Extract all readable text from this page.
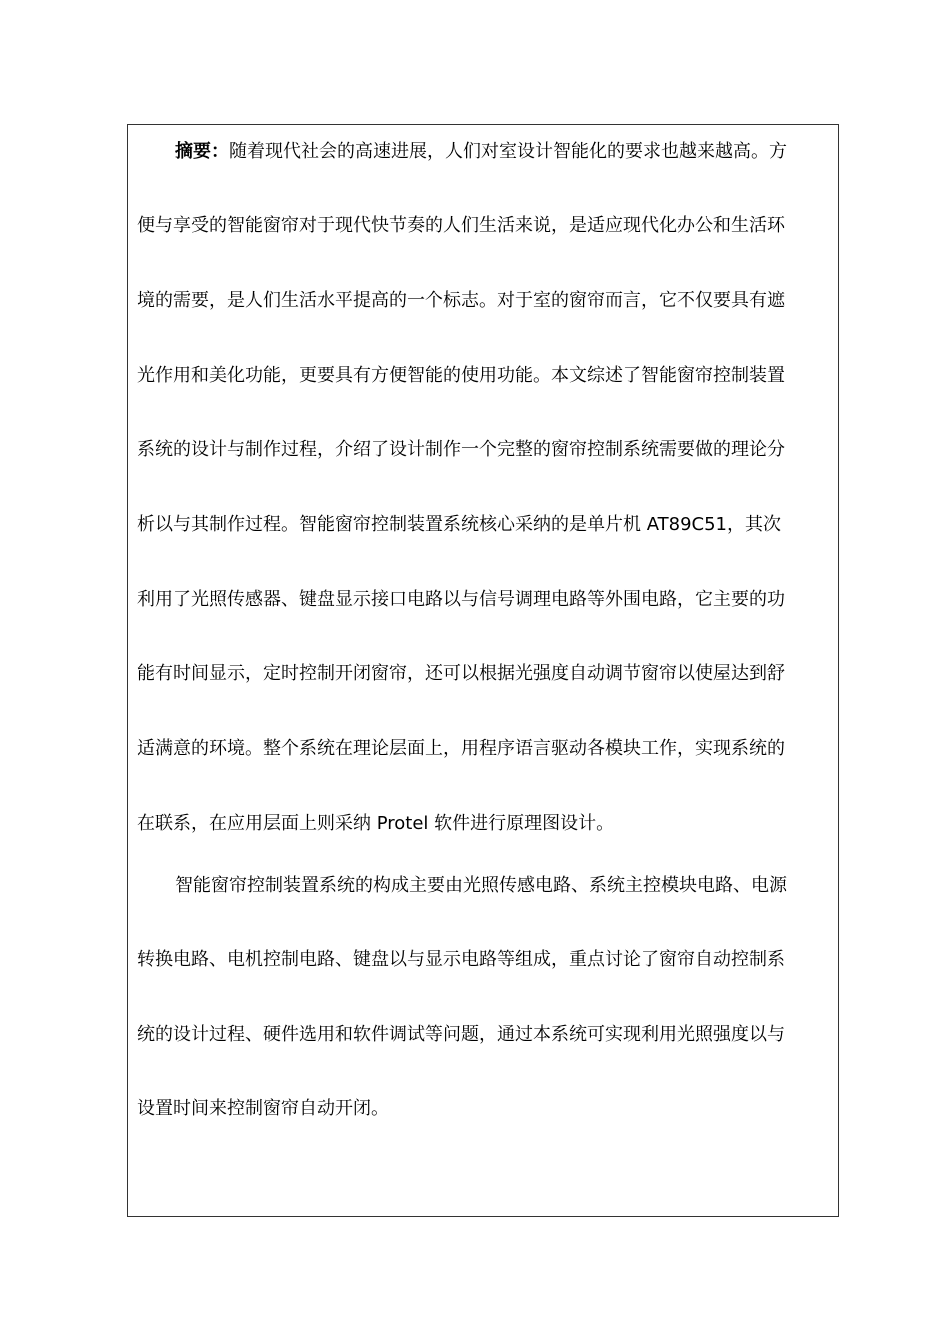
摘要：随着现代社会的高速进展，人们对室设计智能化的要求也越来越高。方
便与享受的智能窗帘对于现代快节奏的人们生活来说，是适应现代化办公和生活环
境的需要，是人们生活水平提高的一个标志。对于室的窗帘而言，它不仅要具有遮
光作用和美化功能，更要具有方便智能的使用功能。本文综述了智能窗帘控制装置
系统的设计与制作过程，介绍了设计制作一个完整的窗帘控制系统需要做的理论分
析以与其制作过程。智能窗帘控制装置系统核心采纳的是单片机 AT89C51，其次
利用了光照传感器、键盘显示接口电路以与信号调理电路等外围电路，它主要的功
能有时间显示，定时控制开闭窗帘，还可以根据光强度自动调节窗帘以使屋达到舒
适满意的环境。整个系统在理论层面上，用程序语言驱动各模块工作，实现系统的
在联系，在应用层面上则采纳 Protel 软件进行原理图设计。
智能窗帘控制装置系统的构成主要由光照传感电路、系统主控模块电路、电源
转换电路、电机控制电路、键盘以与显示电路等组成，重点讨论了窗帘自动控制系
统的设计过程、硬件选用和软件调试等问题，通过本系统可实现利用光照强度以与
设置时间来控制窗帘自动开闭。
